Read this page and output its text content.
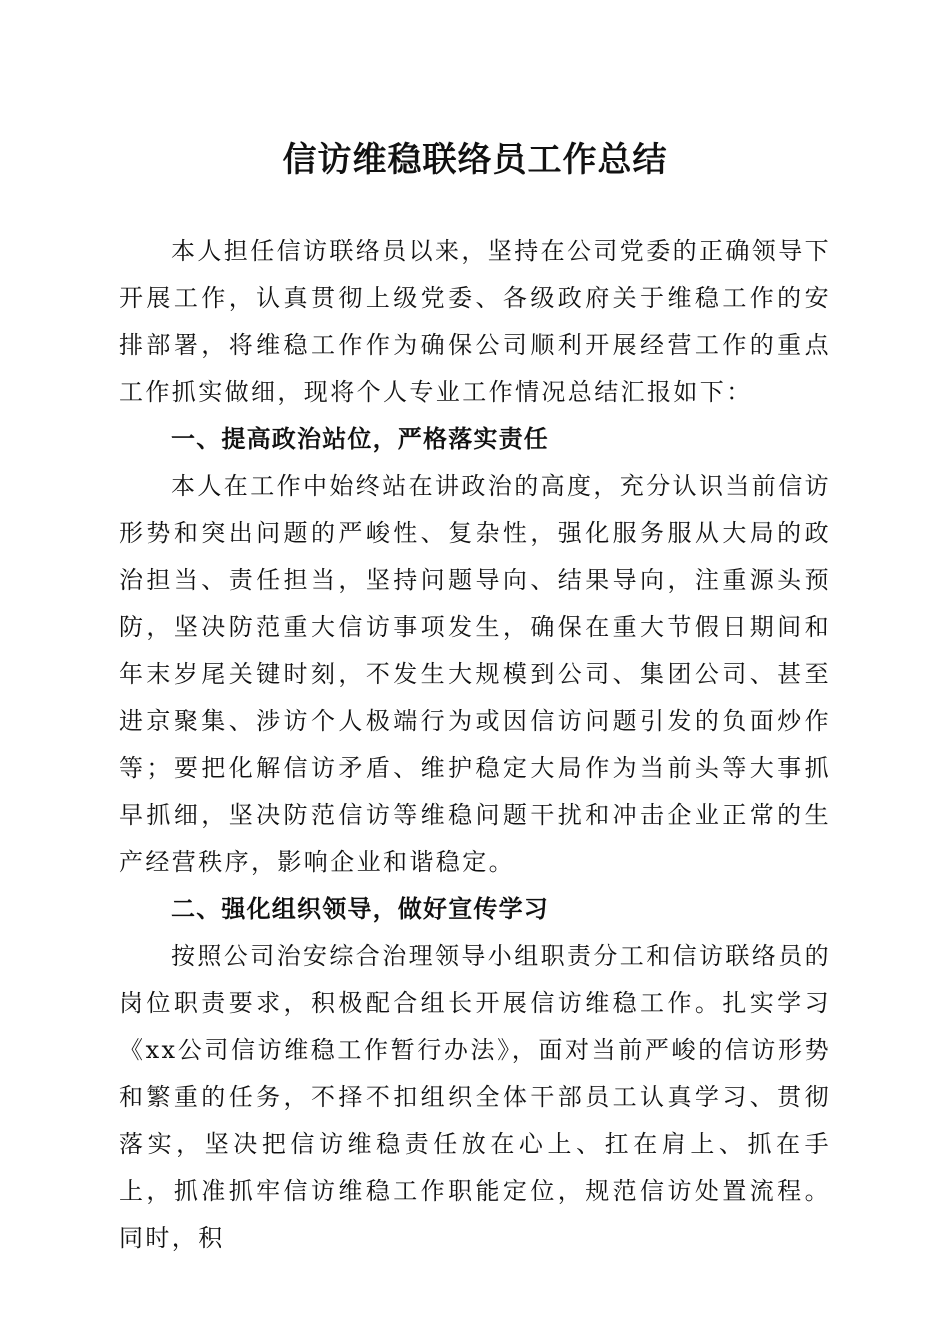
信访维稳联络员工作总结

本人担任信访联络员以来，坚持在公司党委的正确领导下开展工作，认真贯彻上级党委、各级政府关于维稳工作的安排部署，将维稳工作作为确保公司顺利开展经营工作的重点工作抓实做细，现将个人专业工作情况总结汇报如下：

一、提高政治站位，严格落实责任

本人在工作中始终站在讲政治的高度，充分认识当前信访形势和突出问题的严峻性、复杂性，强化服务服从大局的政治担当、责任担当，坚持问题导向、结果导向，注重源头预防，坚决防范重大信访事项发生，确保在重大节假日期间和年末岁尾关键时刻，不发生大规模到公司、集团公司、甚至进京聚集、涉访个人极端行为或因信访问题引发的负面炒作等；要把化解信访矛盾、维护稳定大局作为当前头等大事抓早抓细，坚决防范信访等维稳问题干扰和冲击企业正常的生产经营秩序，影响企业和谐稳定。

二、强化组织领导，做好宣传学习

按照公司治安综合治理领导小组职责分工和信访联络员的岗位职责要求，积极配合组长开展信访维稳工作。扎实学习《xx公司信访维稳工作暂行办法》，面对当前严峻的信访形势和繁重的任务，不择不扣组织全体干部员工认真学习、贯彻落实，坚决把信访维稳责任放在心上、扛在肩上、抓在手上，抓准抓牢信访维稳工作职能定位，规范信访处置流程。同时，积
